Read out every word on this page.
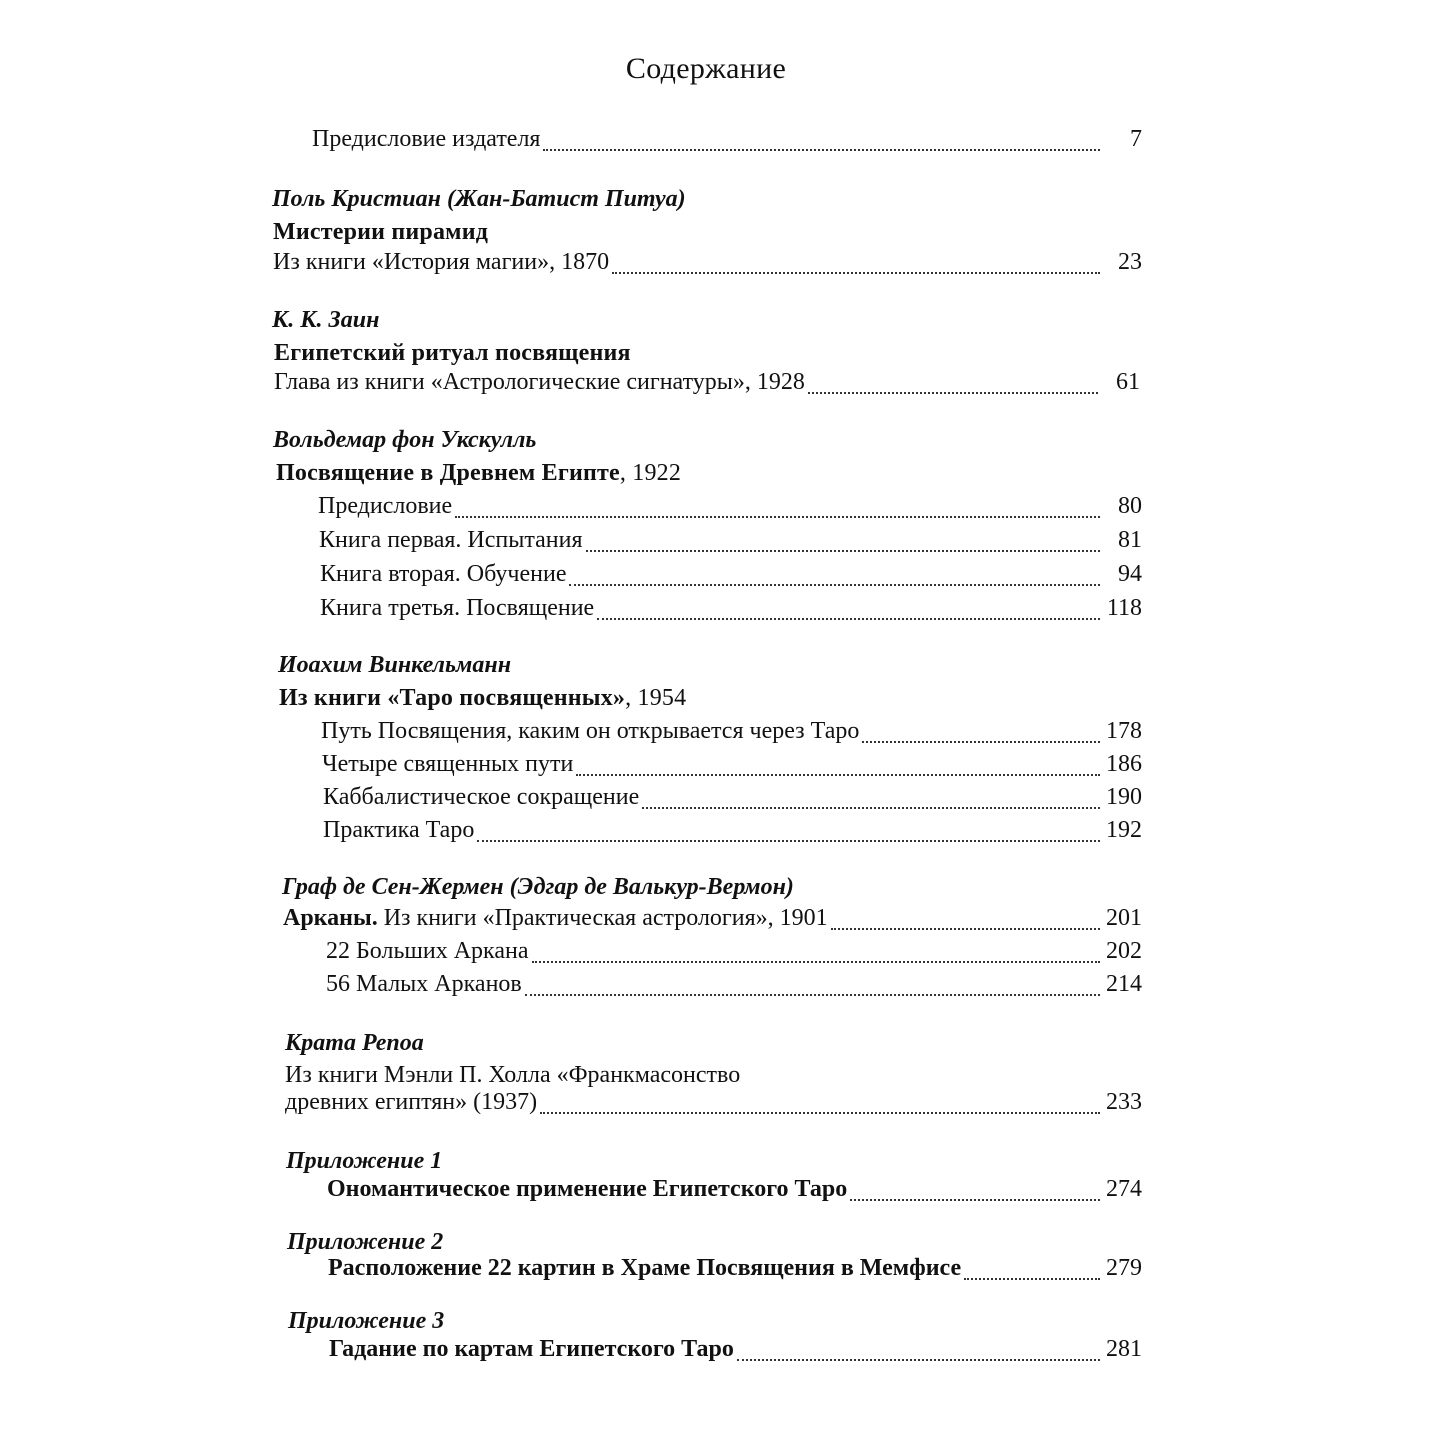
Содержание
Предисловие издателя	7
Поль Кристиан (Жан-Батист Питуа)
Мистерии пирамид
Из книги «История магии», 1870	23
К. К. Заин
Египетский ритуал посвящения
Глава из книги «Астрологические сигнатуры», 1928	61
Вольдемар фон Укскулль
Посвящение в Древнем Египте, 1922
Предисловие	80
Книга первая. Испытания	81
Книга вторая. Обучение	94
Книга третья. Посвящение	118
Иоахим Винкельманн
Из книги «Таро посвященных», 1954
Путь Посвящения, каким он открывается через Таро	178
Четыре священных пути	186
Каббалистическое сокращение	190
Практика Таро	192
Граф де Сен-Жермен (Эдгар де Валькур-Вермон)
Арканы. Из книги «Практическая астрология», 1901	201
22 Больших Аркана	202
56 Малых Арканов	214
Крата Репоа
Из книги Мэнли П. Холла «Франкмасонство
древних египтян» (1937)	233
Приложение 1
Ономантическое применение Египетского Таро	274
Приложение 2
Расположение 22 картин в Храме Посвящения в Мемфисе	279
Приложение 3
Гадание по картам Египетского Таро	281
